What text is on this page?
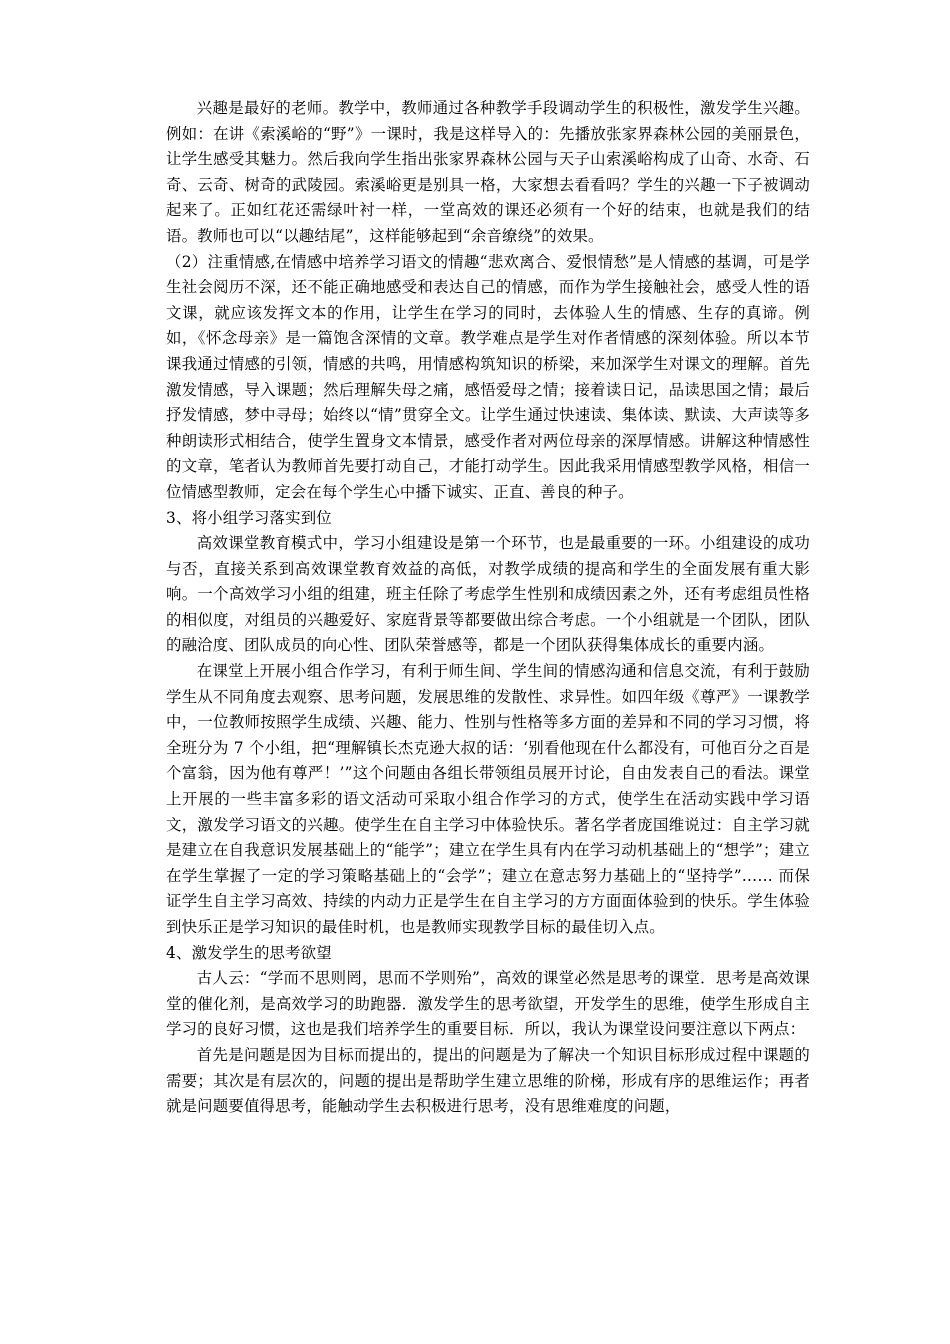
兴趣是最好的老师。教学中，教师通过各种教学手段调动学生的积极性，激发学生兴趣。例如：在讲《索溪峪的“野”》一课时，我是这样导入的：先播放张家界森林公园的美丽景色，让学生感受其魅力。然后我向学生指出张家界森林公园与天子山索溪峪构成了山奇、水奇、石奇、云奇、树奇的武陵园。索溪峪更是别具一格，大家想去看看吗？学生的兴趣一下子被调动起来了。正如红花还需绿叶衬一样，一堂高效的课还必须有一个好的结束，也就是我们的结语。教师也可以“以趣结尾”，这样能够起到“余音缭绕”的效果。

（2）注重情感,在情感中培养学习语文的情趣“悲欢离合、爱恨情愁”是人情感的基调，可是学生社会阅历不深，还不能正确地感受和表达自己的情感，而作为学生接触社会，感受人性的语文课，就应该发挥文本的作用，让学生在学习的同时，去体验人生的情感、生存的真谛。例如，《怀念母亲》是一篇饱含深情的文章。教学难点是学生对作者情感的深刻体验。所以本节课我通过情感的引领，情感的共鸣，用情感构筑知识的桥梁，来加深学生对课文的理解。首先激发情感，导入课题；然后理解失母之痛，感悟爱母之情；接着读日记，品读思国之情；最后抒发情感，梦中寻母；始终以“情”贯穿全文。让学生通过快速读、集体读、默读、大声读等多种朗读形式相结合，使学生置身文本情景，感受作者对两位母亲的深厚情感。讲解这种情感性的文章，笔者认为教师首先要打动自己，才能打动学生。因此我采用情感型教学风格，相信一位情感型教师，定会在每个学生心中播下诚实、正直、善良的种子。

3、将小组学习落实到位

高效课堂教育模式中，学习小组建设是第一个环节，也是最重要的一环。小组建设的成功与否，直接关系到高效课堂教育效益的高低，对教学成绩的提高和学生的全面发展有重大影响。一个高效学习小组的组建，班主任除了考虑学生性别和成绩因素之外，还有考虑组员性格的相似度，对组员的兴趣爱好、家庭背景等都要做出综合考虑。一个小组就是一个团队，团队的融洽度、团队成员的向心性、团队荣誉感等，都是一个团队获得集体成长的重要内涵。

在课堂上开展小组合作学习，有利于师生间、学生间的情感沟通和信息交流，有利于鼓励学生从不同角度去观察、思考问题，发展思维的发散性、求异性。如四年级《尊严》一课教学中，一位教师按照学生成绩、兴趣、能力、性别与性格等多方面的差异和不同的学习习惯，将全班分为 7 个小组，把“理解镇长杰克逊大叔的话：‘别看他现在什么都没有，可他百分之百是个富翁，因为他有尊严！’”这个问题由各组长带领组员展开讨论，自由发表自己的看法。课堂上开展的一些丰富多彩的语文活动可采取小组合作学习的方式，使学生在活动实践中学习语文，激发学习语文的兴趣。使学生在自主学习中体验快乐。著名学者庞国维说过：自主学习就是建立在自我意识发展基础上的“能学”；建立在学生具有内在学习动机基础上的“想学”；建立在学生掌握了一定的学习策略基础上的“会学”；建立在意志努力基础上的“坚持学”…… 而保证学生自主学习高效、持续的内动力正是学生在自主学习的方方面面体验到的快乐。学生体验到快乐正是学习知识的最佳时机，也是教师实现教学目标的最佳切入点。

4、激发学生的思考欲望

古人云：“学而不思则罔，思而不学则殆”，高效的课堂必然是思考的课堂．思考是高效课堂的催化剂，是高效学习的助跑器．激发学生的思考欲望，开发学生的思维，使学生形成自主学习的良好习惯，这也是我们培养学生的重要目标．所以，我认为课堂设问要注意以下两点：

首先是问题是因为目标而提出的，提出的问题是为了解决一个知识目标形成过程中课题的需要；其次是有层次的，问题的提出是帮助学生建立思维的阶梯，形成有序的思维运作；再者就是问题要值得思考，能触动学生去积极进行思考，没有思维难度的问题，
